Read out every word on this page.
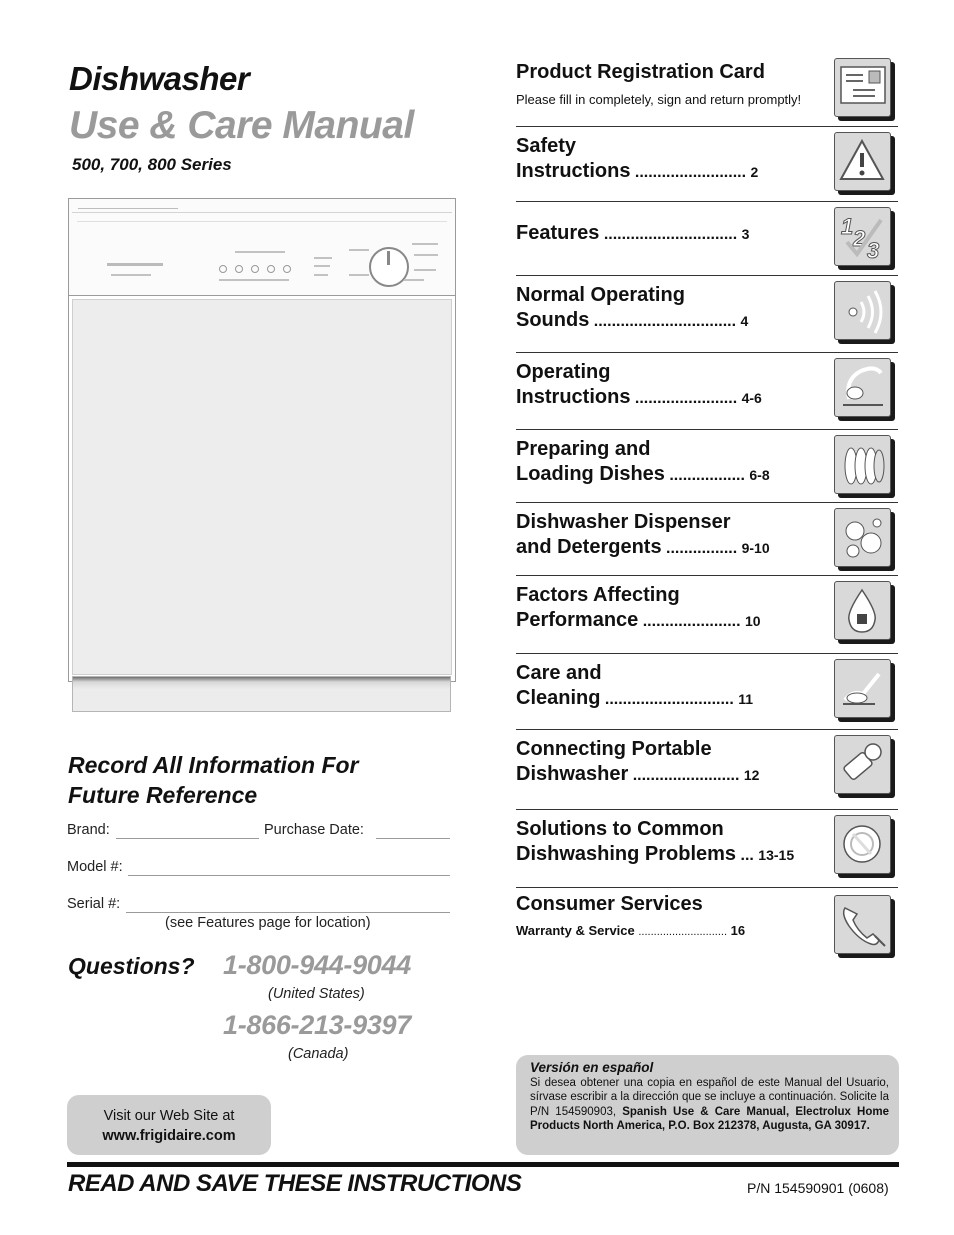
Dishwasher
Use & Care Manual
500, 700, 800 Series
Record All Information For
Future Reference
Brand:	Purchase Date:
Model #:
Serial #:
(see Features page for location)
Questions? 1-800-944-9044
(United States)
1-866-213-9397
(Canada)
Visit our Web Site at
www.frigidaire.com
Product Registration Card
Please fill in completely, sign and return promptly!
Safety
Instructions ......................... 2
Features .............................. 3	1 2 3
Normal Operating
Sounds ................................ 4
Operating
Instructions ....................... 4-6
Preparing and
Loading Dishes ................. 6-8
Dishwasher Dispenser
and Detergents ................ 9-10
Factors Affecting
Performance ...................... 10
Care and
Cleaning ............................. 11
Connecting Portable
Dishwasher ........................ 12
Solutions to Common
Dishwashing Problems ... 13-15
Consumer Services
Warranty & Service ............................. 16
Versión en español

Si desea obtener una copia en español de este Manual del Usuario, sírvase escribir a la dirección que se incluye a continuación. Solicite la P/N 154590903, Spanish Use & Care Manual, Electrolux Home Products North America, P.O. Box 212378, Augusta, GA 30917.

READ AND SAVE THESE INSTRUCTIONS	P/N 154590901 (0608)
